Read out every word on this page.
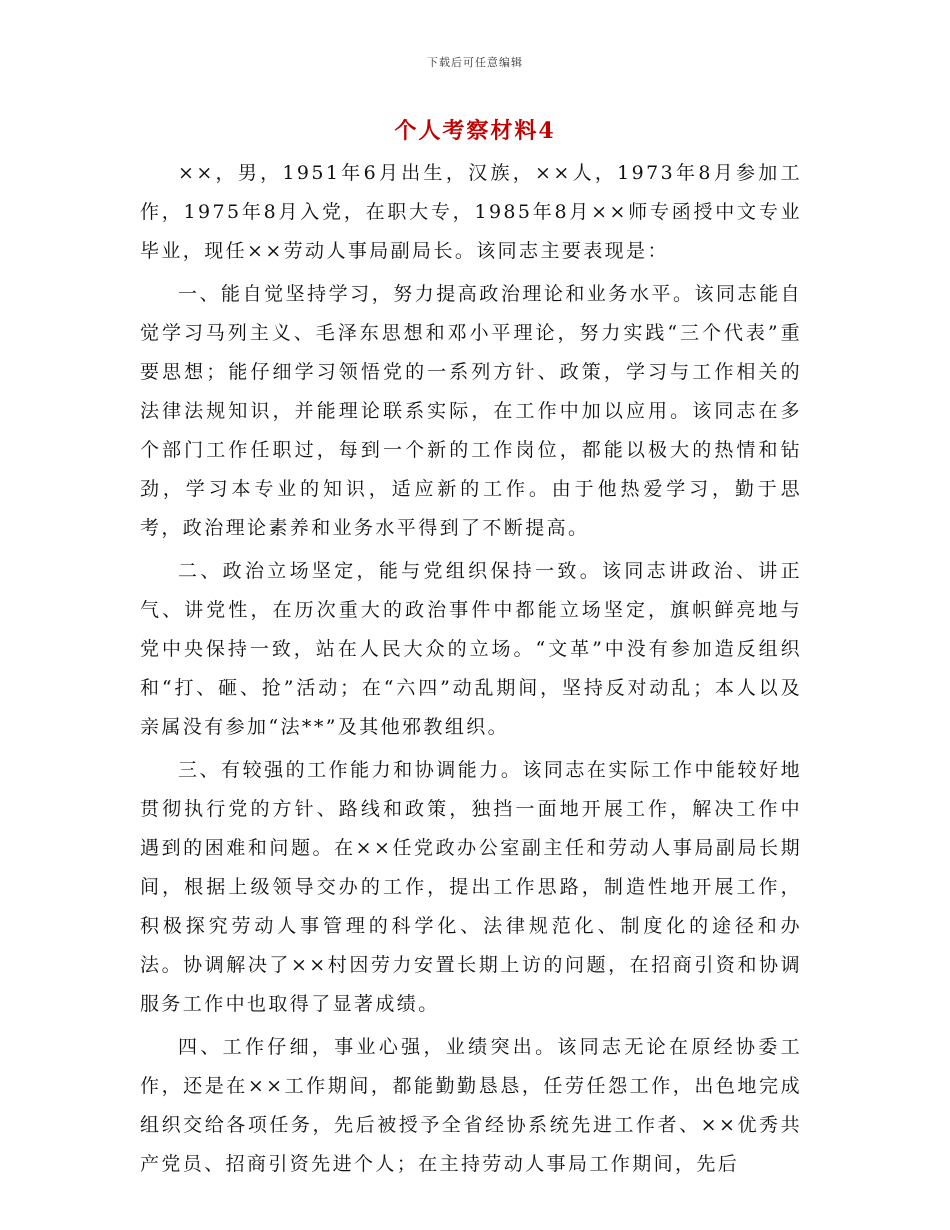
下载后可任意编辑
个人考察材料4

××，男，1951年6月出生，汉族，××人，1973年8月参加工作，1975年8月入党，在职大专，1985年8月××师专函授中文专业毕业，现任××劳动人事局副局长。该同志主要表现是：

一、能自觉坚持学习，努力提高政治理论和业务水平。该同志能自觉学习马列主义、毛泽东思想和邓小平理论，努力实践“三个代表”重要思想；能仔细学习领悟党的一系列方针、政策，学习与工作相关的法律法规知识，并能理论联系实际，在工作中加以应用。该同志在多个部门工作任职过，每到一个新的工作岗位，都能以极大的热情和钻劲，学习本专业的知识，适应新的工作。由于他热爱学习，勤于思考，政治理论素养和业务水平得到了不断提高。

二、政治立场坚定，能与党组织保持一致。该同志讲政治、讲正气、讲党性，在历次重大的政治事件中都能立场坚定，旗帜鲜亮地与党中央保持一致，站在人民大众的立场。“文革”中没有参加造反组织和“打、砸、抢”活动；在“六四”动乱期间，坚持反对动乱；本人以及亲属没有参加“法**”及其他邪教组织。

三、有较强的工作能力和协调能力。该同志在实际工作中能较好地贯彻执行党的方针、路线和政策，独挡一面地开展工作，解决工作中遇到的困难和问题。在××任党政办公室副主任和劳动人事局副局长期间，根据上级领导交办的工作，提出工作思路，制造性地开展工作，积极探究劳动人事管理的科学化、法律规范化、制度化的途径和办法。协调解决了××村因劳力安置长期上访的问题，在招商引资和协调服务工作中也取得了显著成绩。

四、工作仔细，事业心强，业绩突出。该同志无论在原经协委工作，还是在××工作期间，都能勤勤恳恳，任劳任怨工作，出色地完成组织交给各项任务，先后被授予全省经协系统先进工作者、××优秀共产党员、招商引资先进个人；在主持劳动人事局工作期间，先后
